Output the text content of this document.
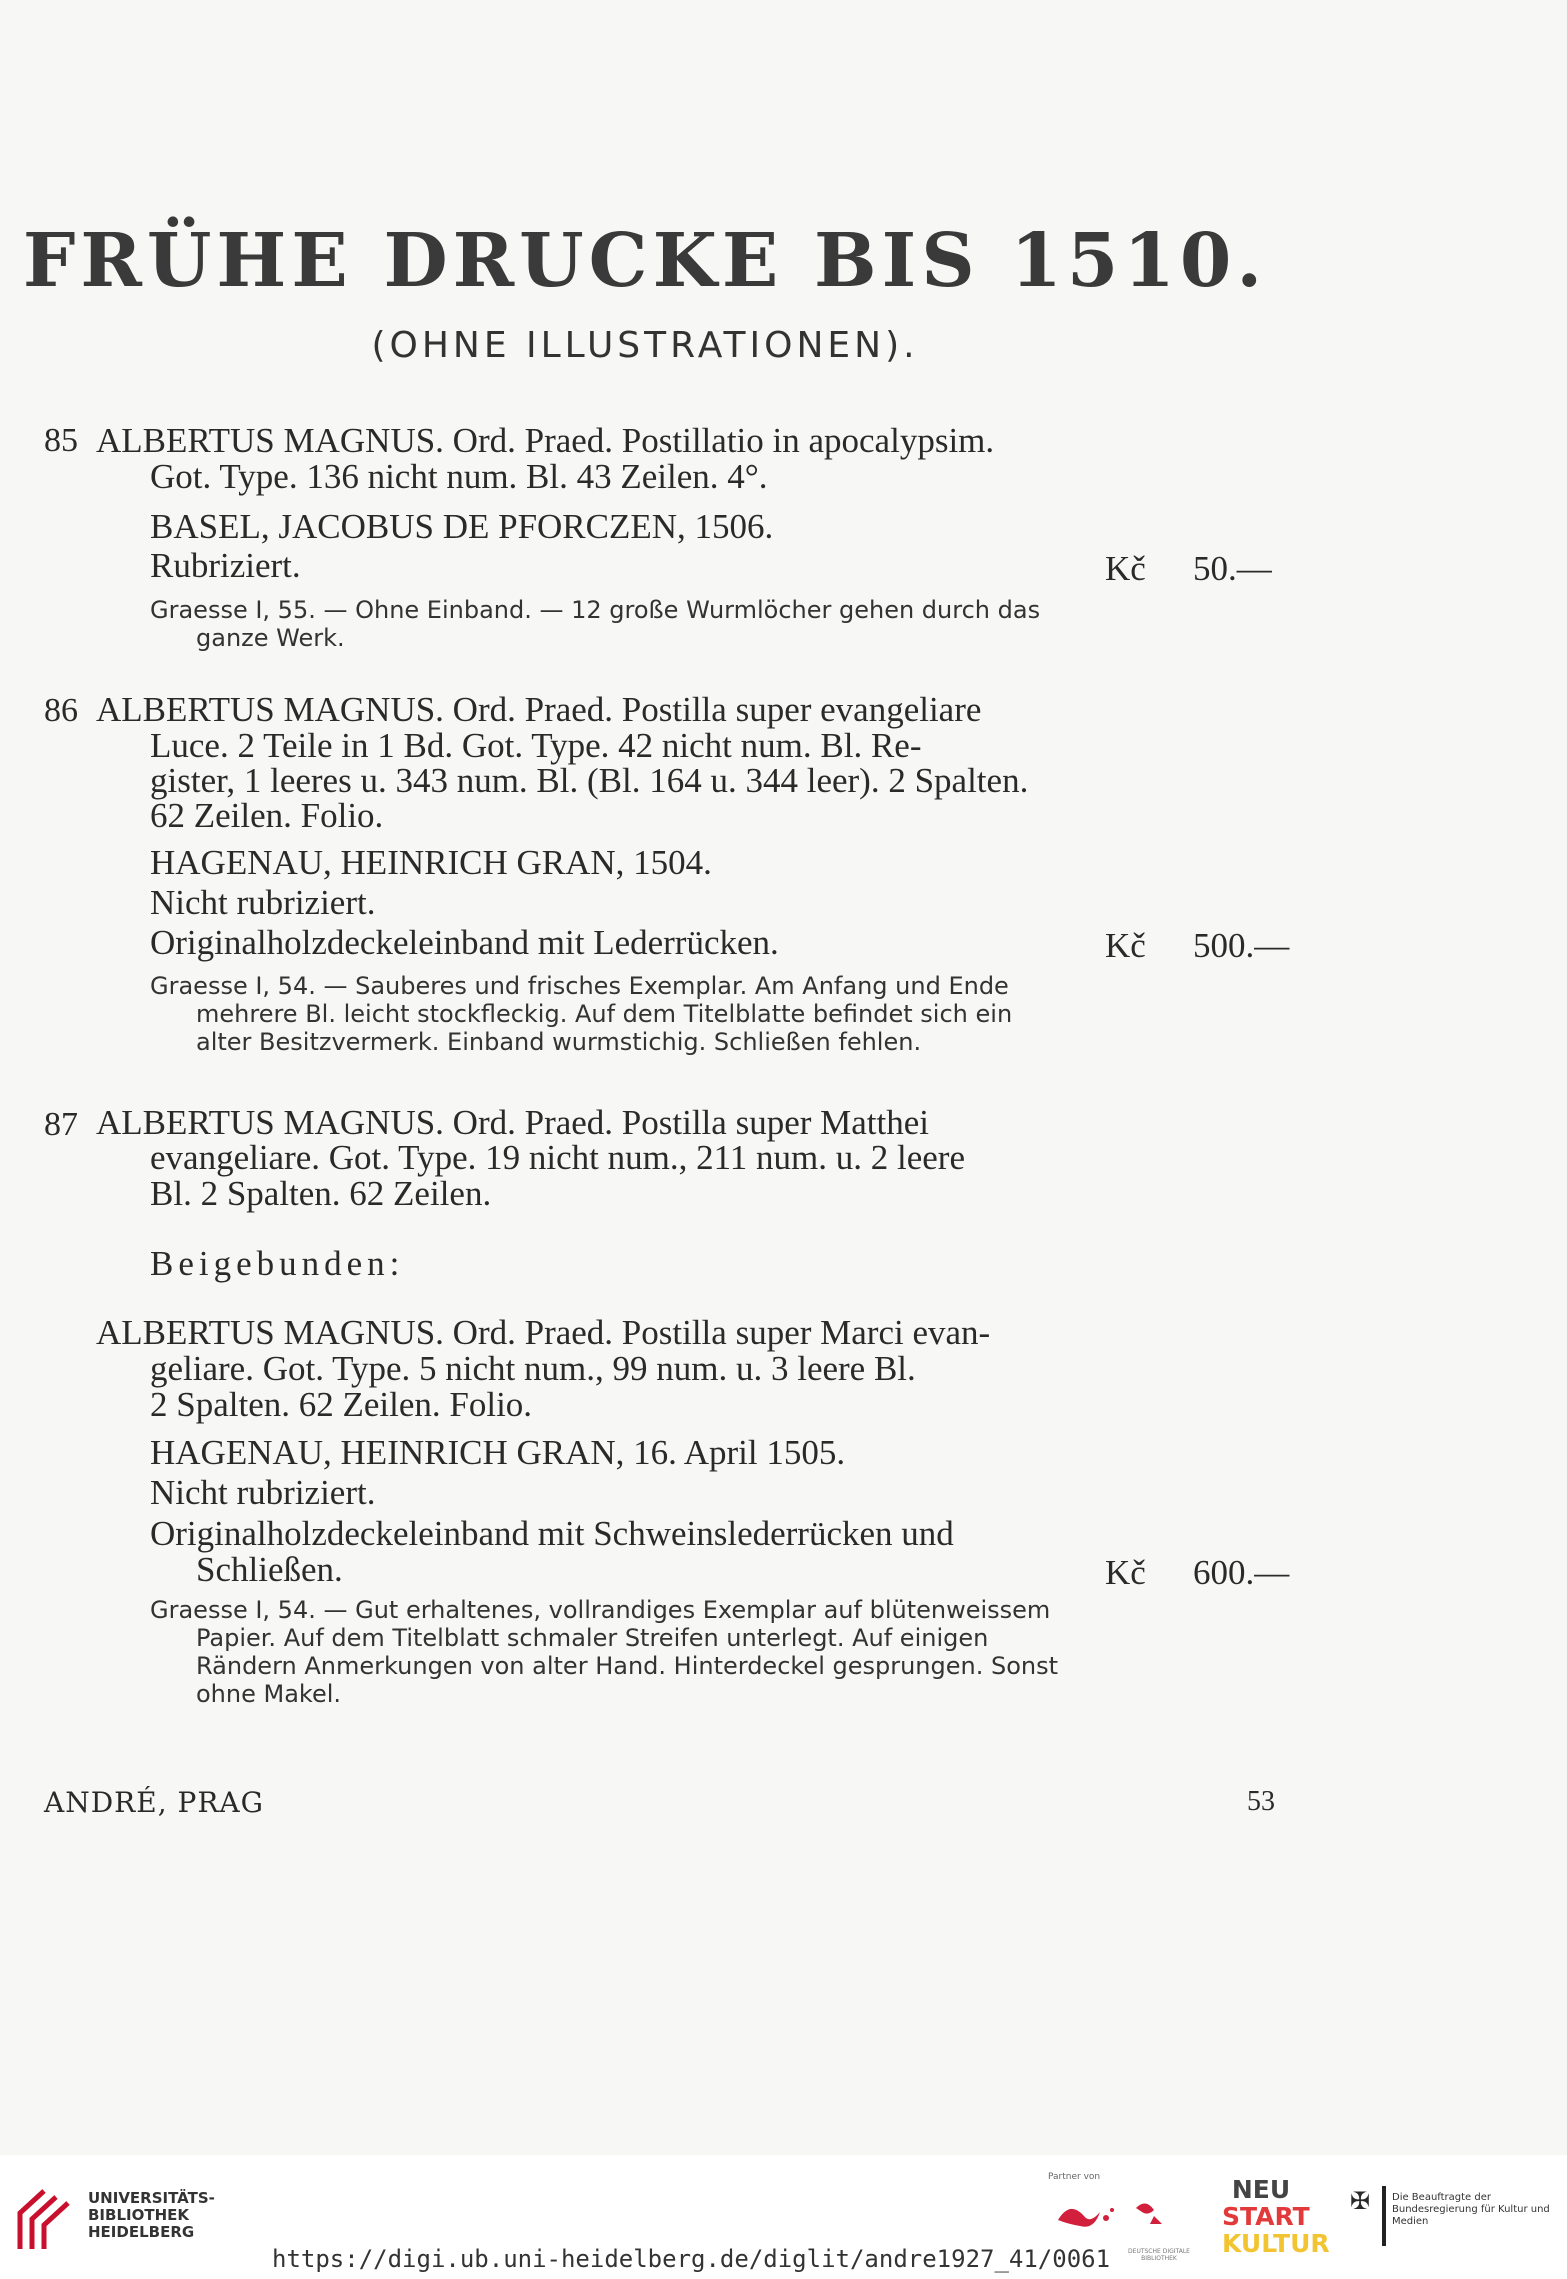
FRÜHE DRUCKE BIS 1510.
(OHNE ILLUSTRATIONEN).
85 ALBERTUS MAGNUS. Ord. Praed. Postillatio in apocalypsim.
Got. Type. 136 nicht num. Bl. 43 Zeilen. 4°.
BASEL, JACOBUS DE PFORCZEN, 1506.
Rubriziert.	Kč 50.—
Graesse I, 55. — Ohne Einband. — 12 große Wurmlöcher gehen durch das
ganze Werk.
86 ALBERTUS MAGNUS. Ord. Praed. Postilla super evangeliare
Luce. 2 Teile in 1 Bd. Got. Type. 42 nicht num. Bl. Re-
gister, 1 leeres u. 343 num. Bl. (Bl. 164 u. 344 leer). 2 Spalten.
62 Zeilen. Folio.
HAGENAU, HEINRICH GRAN, 1504.
Nicht rubriziert.
Originalholzdeckeleinband mit Lederrücken.	Kč 500.—
Graesse I, 54. — Sauberes und frisches Exemplar. Am Anfang und Ende
mehrere Bl. leicht stockfleckig. Auf dem Titelblatte befindet sich ein
alter Besitzvermerk. Einband wurmstichig. Schließen fehlen.
87 ALBERTUS MAGNUS. Ord. Praed. Postilla super Matthei
evangeliare. Got. Type. 19 nicht num., 211 num. u. 2 leere
Bl. 2 Spalten. 62 Zeilen.
Beigebunden:
ALBERTUS MAGNUS. Ord. Praed. Postilla super Marci evan-
geliare. Got. Type. 5 nicht num., 99 num. u. 3 leere Bl.
2 Spalten. 62 Zeilen. Folio.
HAGENAU, HEINRICH GRAN, 16. April 1505.
Nicht rubriziert.
Originalholzdeckeleinband mit Schweinslederrücken und
Schließen.	Kč 600.—
Graesse I, 54. — Gut erhaltenes, vollrandiges Exemplar auf blütenweissem
Papier. Auf dem Titelblatt schmaler Streifen unterlegt. Auf einigen
Rändern Anmerkungen von alter Hand. Hinterdeckel gesprungen. Sonst
ohne Makel.
ANDRÉ, PRAG	53
UNIVERSITÄTS-
BIBLIOTHEK
HEIDELBERG
https://digi.ub.uni-heidelberg.de/diglit/andre1927_41/0061
Partner von
DEUTSCHE DIGITALE BIBLIOTHEK
NEU
START
KULTUR
✠ Die Beauftragte der Bundesregierung für Kultur und Medien
